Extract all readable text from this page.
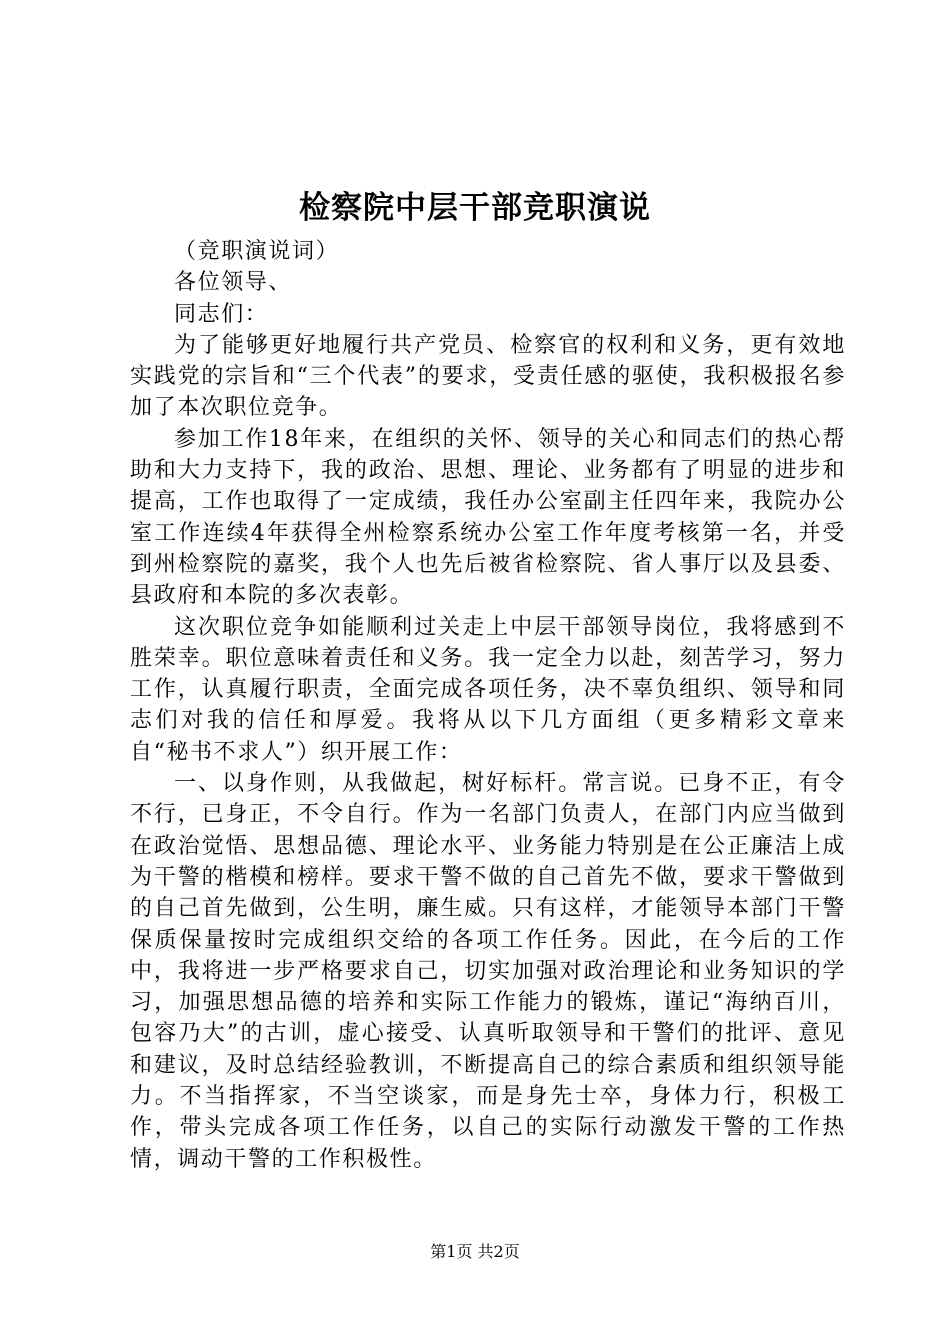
检察院中层干部竞职演说

（竞职演说词）

各位领导、

同志们：

为了能够更好地履行共产党员、检察官的权利和义务，更有效地实践党的宗旨和“三个代表”的要求，受责任感的驱使，我积极报名参加了本次职位竞争。

参加工作18年来，在组织的关怀、领导的关心和同志们的热心帮助和大力支持下，我的政治、思想、理论、业务都有了明显的进步和提高，工作也取得了一定成绩，我任办公室副主任四年来，我院办公室工作连续4年获得全州检察系统办公室工作年度考核第一名，并受到州检察院的嘉奖，我个人也先后被省检察院、省人事厅以及县委、县政府和本院的多次表彰。

这次职位竞争如能顺利过关走上中层干部领导岗位，我将感到不胜荣幸。职位意味着责任和义务。我一定全力以赴，刻苦学习，努力工作，认真履行职责，全面完成各项任务，决不辜负组织、领导和同志们对我的信任和厚爱。我将从以下几方面组（更多精彩文章来自“秘书不求人”）织开展工作：

一、以身作则，从我做起，树好标杆。常言说。已身不正，有令不行，已身正，不令自行。作为一名部门负责人，在部门内应当做到在政治觉悟、思想品德、理论水平、业务能力特别是在公正廉洁上成为干警的楷模和榜样。要求干警不做的自己首先不做，要求干警做到的自己首先做到，公生明，廉生威。只有这样，才能领导本部门干警保质保量按时完成组织交给的各项工作任务。因此，在今后的工作中，我将进一步严格要求自己，切实加强对政治理论和业务知识的学习，加强思想品德的培养和实际工作能力的锻炼，谨记“海纳百川，包容乃大”的古训，虚心接受、认真听取领导和干警们的批评、意见和建议，及时总结经验教训，不断提高自己的综合素质和组织领导能力。不当指挥家，不当空谈家，而是身先士卒，身体力行，积极工作，带头完成各项工作任务，以自己的实际行动激发干警的工作热情，调动干警的工作积极性。

第1页 共2页
